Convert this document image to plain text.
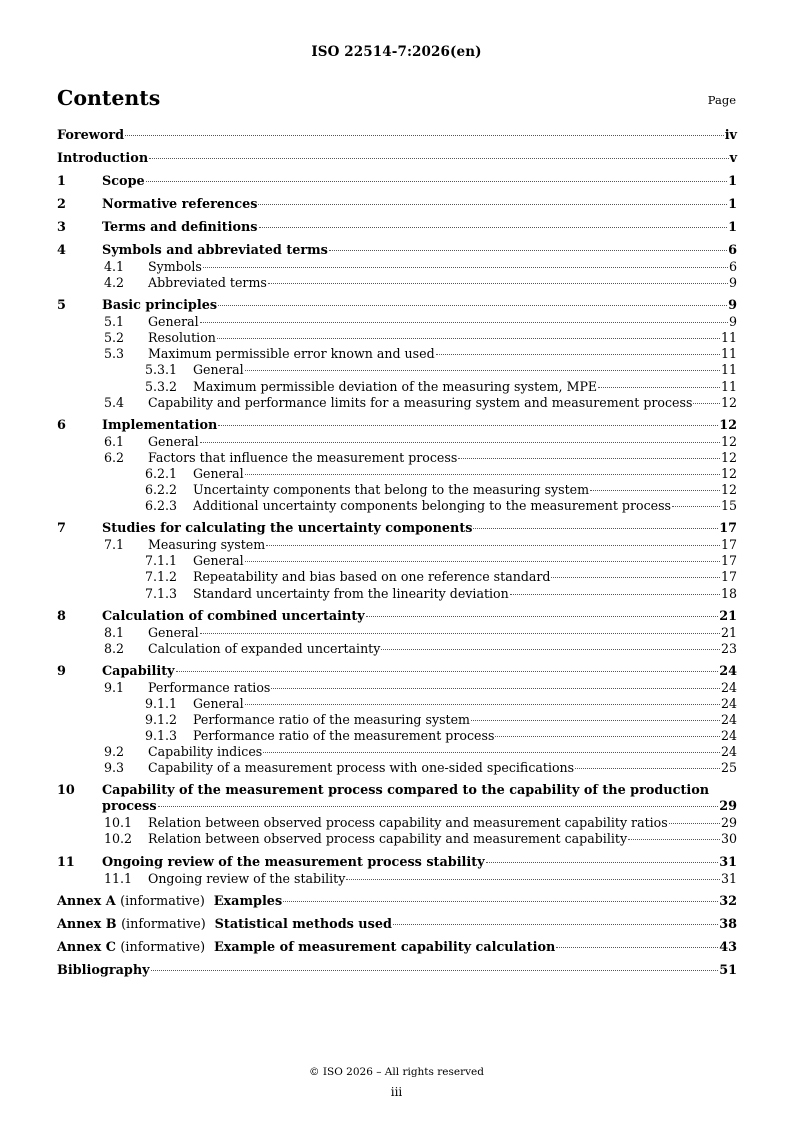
ISO 22514-7:2026(en)
Contents	Page
Foreword	iv
Introduction	v
1	Scope	1
2	Normative references	1
3	Terms and definitions	1
4	Symbols and abbreviated terms	6
4.1 Symbols	6
4.2 Abbreviated terms	9
5	Basic principles	9
5.1 General	9
5.2 Resolution	11
5.3 Maximum permissible error known and used	11
5.3.1 General	11
5.3.2 Maximum permissible deviation of the measuring system, MPE	11
5.4 Capability and performance limits for a measuring system and measurement process 12
6	Implementation	12
6.1 General	12
6.2 Factors that influence the measurement process	12
6.2.1 General	12
6.2.2 Uncertainty components that belong to the measuring system	12
6.2.3 Additional uncertainty components belonging to the measurement process	15
7	Studies for calculating the uncertainty components	17
7.1 Measuring system	17
7.1.1 General	17
7.1.2 Repeatability and bias based on one reference standard	17
7.1.3 Standard uncertainty from the linearity deviation	18
8	Calculation of combined uncertainty	21
8.1 General	21
8.2 Calculation of expanded uncertainty	23
9	Capability	24
9.1 Performance ratios	24
9.1.1 General	24
9.1.2 Performance ratio of the measuring system	24
9.1.3 Performance ratio of the measurement process	24
9.2 Capability indices	24
9.3 Capability of a measurement process with one-sided specifications	25
10 Capability of the measurement process compared to the capability of the production
process	29
10.1 Relation between observed process capability and measurement capability ratios	29
10.2 Relation between observed process capability and measurement capability	30
11 Ongoing review of the measurement process stability	31
11.1 Ongoing review of the stability	31
Annex A (informative) Examples	32
Annex B (informative) Statistical methods used	38
Annex C (informative) Example of measurement capability calculation	43
Bibliography	51
© ISO 2026 – All rights reserved
iii
